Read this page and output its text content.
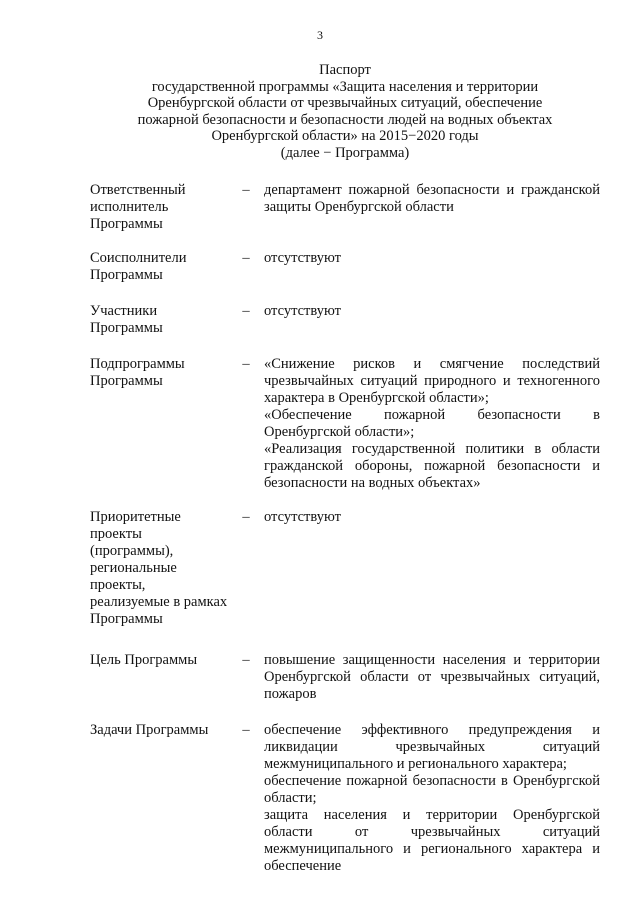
3
Паспорт
государственной программы «Защита населения и территории
Оренбургской области от чрезвычайных ситуаций, обеспечение
пожарной безопасности и безопасности людей на водных объектах
Оренбургской области» на 2015−2020 годы
(далее − Программа)
Ответственный исполнитель Программы
– департамент пожарной безопасности и гражданской защиты Оренбургской области

Соисполнители Программы
– отсутствуют

Участники Программы
– отсутствуют

Подпрограммы Программы
– «Снижение рисков и смягчение последствий чрезвычайных ситуаций природного и техногенного характера в Оренбургской области»;

«Обеспечение пожарной безопасности в Оренбургской области»;

«Реализация государственной политики в области гражданской обороны, пожарной безопасности и безопасности на водных объектах»

Приоритетные проекты (программы), региональные проекты, реализуемые в рамках Программы
– отсутствуют

Цель Программы	– повышение защищенности населения и территории Оренбургской области от чрезвычайных ситуаций, пожаров

Задачи Программы	– обеспечение эффективного предупреждения и ликвидации чрезвычайных ситуаций межмуниципального и регионального характера;

обеспечение пожарной безопасности в Оренбургской области;

защита населения и территории Оренбургской области от чрезвычайных ситуаций межмуниципального и регионального характера и обеспечение
